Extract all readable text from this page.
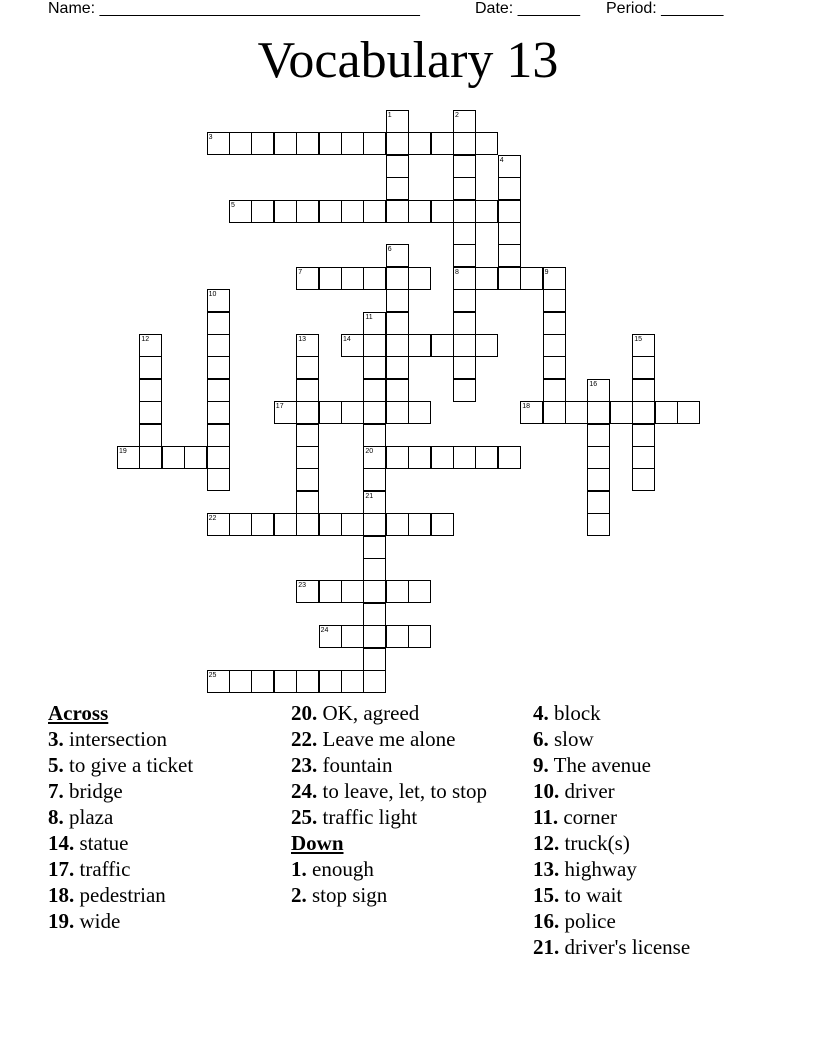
Name: ____________________________________	Date: _______ Period: _______
Vocabulary 13
1	2
3
4
5
6
7	8	9
10
11
12	13	14	15
16
17	18
19	20
21
22
23
24
25
Across
3. intersection
5. to give a ticket
7. bridge
8. plaza
14. statue
17. traffic
18. pedestrian
19. wide
20. OK, agreed
22. Leave me alone
23. fountain
24. to leave, let, to stop
25. traffic light
Down
1. enough
2. stop sign
4. block
6. slow
9. The avenue
10. driver
11. corner
12. truck(s)
13. highway
15. to wait
16. police
21. driver's license
